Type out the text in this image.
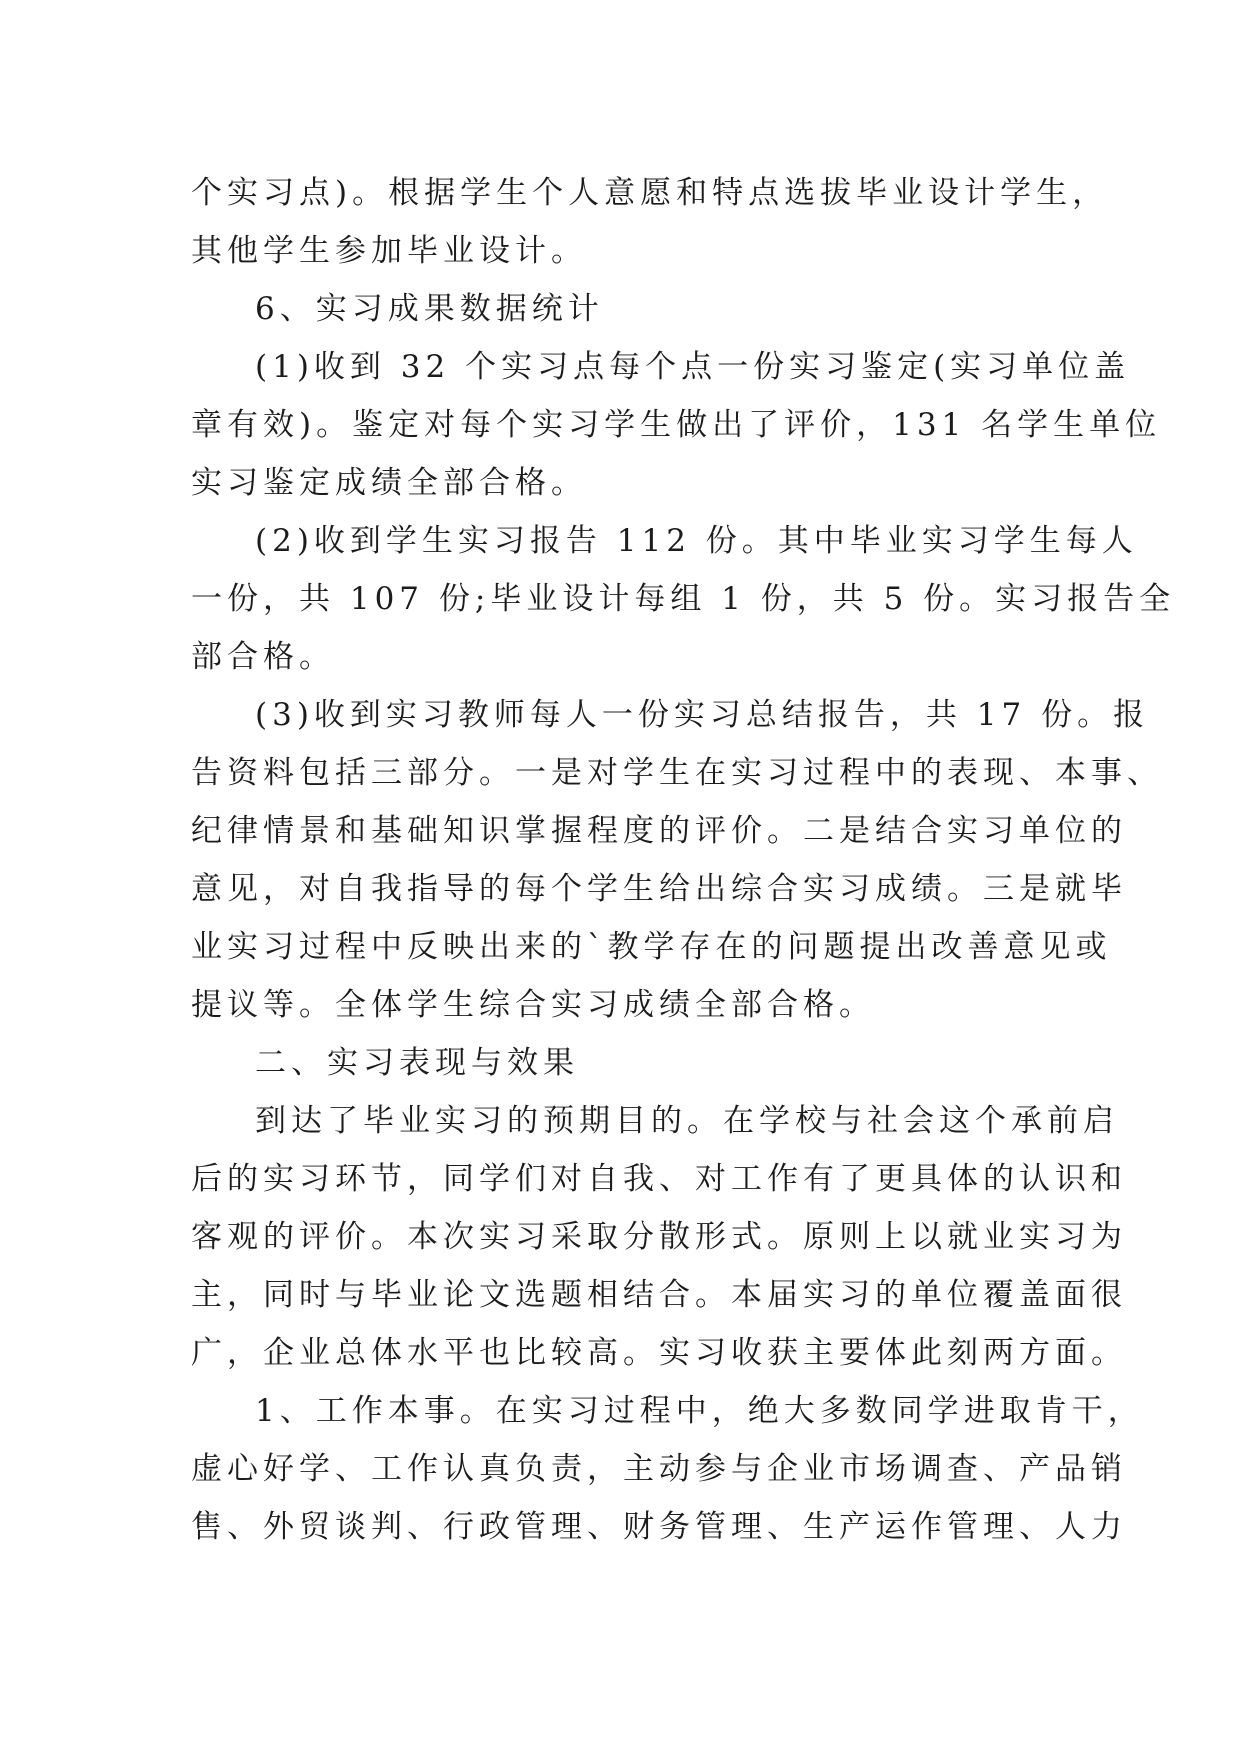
个实习点)。根据学生个人意愿和特点选拔毕业设计学生，
其他学生参加毕业设计。
6、实习成果数据统计
(1)收到 32 个实习点每个点一份实习鉴定(实习单位盖
章有效)。鉴定对每个实习学生做出了评价，131 名学生单位
实习鉴定成绩全部合格。
(2)收到学生实习报告 112 份。其中毕业实习学生每人
一份，共 107 份;毕业设计每组 1 份，共 5 份。实习报告全
部合格。
(3)收到实习教师每人一份实习总结报告，共 17 份。报
告资料包括三部分。一是对学生在实习过程中的表现、本事、
纪律情景和基础知识掌握程度的评价。二是结合实习单位的
意见，对自我指导的每个学生给出综合实习成绩。三是就毕
业实习过程中反映出来的`教学存在的问题提出改善意见或
提议等。全体学生综合实习成绩全部合格。
二、实习表现与效果
到达了毕业实习的预期目的。在学校与社会这个承前启
后的实习环节，同学们对自我、对工作有了更具体的认识和
客观的评价。本次实习采取分散形式。原则上以就业实习为
主，同时与毕业论文选题相结合。本届实习的单位覆盖面很
广，企业总体水平也比较高。实习收获主要体此刻两方面。
1、工作本事。在实习过程中，绝大多数同学进取肯干，
虚心好学、工作认真负责，主动参与企业市场调查、产品销
售、外贸谈判、行政管理、财务管理、生产运作管理、人力
